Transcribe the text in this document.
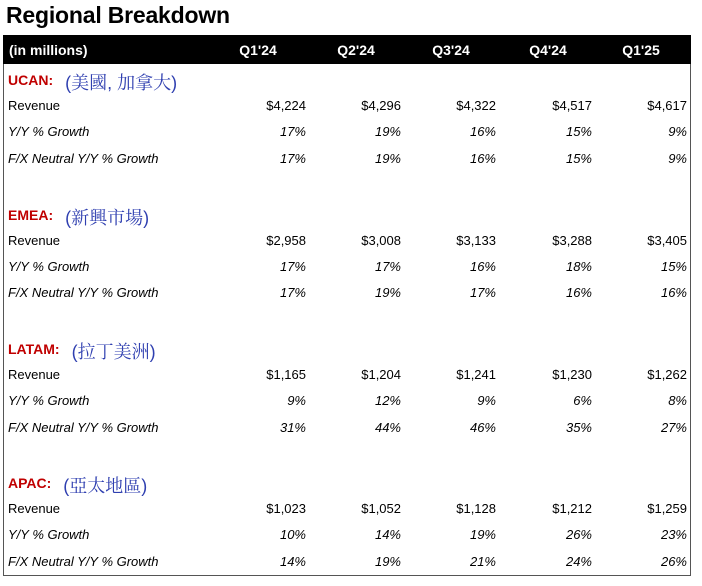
Regional Breakdown
(in millions)	Q1'24	Q2'24	Q3'24	Q4'24	Q1'25
UCAN: (美國, 加拿大)
Revenue	$4,224	$4,296	$4,322	$4,517	$4,617
Y/Y % Growth	17%	19%	16%	15%	9%
F/X Neutral Y/Y % Growth	17%	19%	16%	15%	9%
EMEA: (新興市場)
Revenue	$2,958	$3,008	$3,133	$3,288	$3,405
Y/Y % Growth	17%	17%	16%	18%	15%
F/X Neutral Y/Y % Growth	17%	19%	17%	16%	16%
LATAM: (拉丁美洲)
Revenue	$1,165	$1,204	$1,241	$1,230	$1,262
Y/Y % Growth	9%	12%	9%	6%	8%
F/X Neutral Y/Y % Growth	31%	44%	46%	35%	27%
APAC: (亞太地區)
Revenue	$1,023	$1,052	$1,128	$1,212	$1,259
Y/Y % Growth	10%	14%	19%	26%	23%
F/X Neutral Y/Y % Growth	14%	19%	21%	24%	26%
